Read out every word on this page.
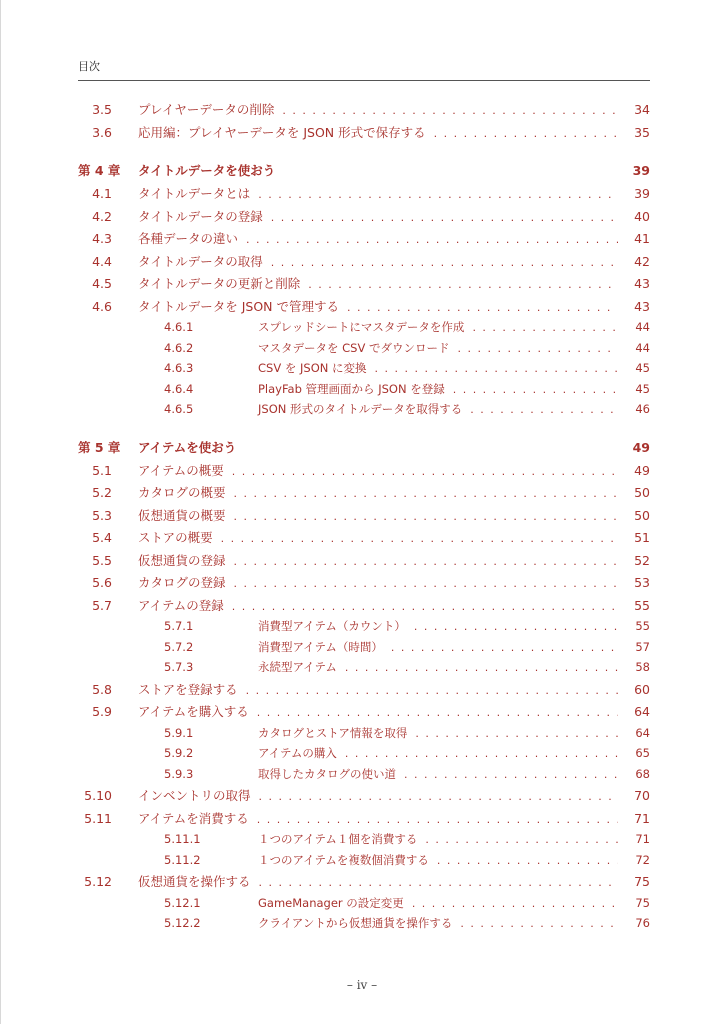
目次
3.5 プレイヤーデータの削除 . . .	34
3.6 応用編：プレイヤーデータを JSON 形式で保存する . . .	35
第 4 章	タイトルデータを使おう	39
4.1 タイトルデータとは . . .	39
4.2 タイトルデータの登録 . . .	40
4.3 各種データの違い . . .	41
4.4 タイトルデータの取得 . . .	42
4.5 タイトルデータの更新と削除 . . .	43
4.6 タイトルデータを JSON で管理する . . .	43
4.6.1	スプレッドシートにマスタデータを作成 . . .	44
4.6.2	マスタデータを CSV でダウンロード . . .	44
4.6.3	CSV を JSON に変換 . . .	45
4.6.4	PlayFab 管理画面から JSON を登録 . . .	45
4.6.5	JSON 形式のタイトルデータを取得する . . .	46
第 5 章	アイテムを使おう	49
5.1 アイテムの概要 . . .	49
5.2 カタログの概要 . . .	50
5.3 仮想通貨の概要 . . .	50
5.4 ストアの概要 . . .	51
5.5 仮想通貨の登録 . . .	52
5.6 カタログの登録 . . .	53
5.7 アイテムの登録 . . .	55
5.7.1	消費型アイテム（カウント） . . .	55
5.7.2	消費型アイテム（時間） . . .	57
5.7.3	永続型アイテム . . .	58
5.8 ストアを登録する . . .	60
5.9 アイテムを購入する . . .	64
5.9.1	カタログとストア情報を取得 . . .	64
5.9.2	アイテムの購入 . . .	65
5.9.3	取得したカタログの使い道 . . .	68
5.10 インベントリの取得 . . .	70
5.11 アイテムを消費する . . .	71
5.11.1	１つのアイテム１個を消費する . . .	71
5.11.2	１つのアイテムを複数個消費する . . .	72
5.12 仮想通貨を操作する . . .	75
5.12.1	GameManager の設定変更 . . .	75
5.12.2	クライアントから仮想通貨を操作する . . .	76
– iv –
